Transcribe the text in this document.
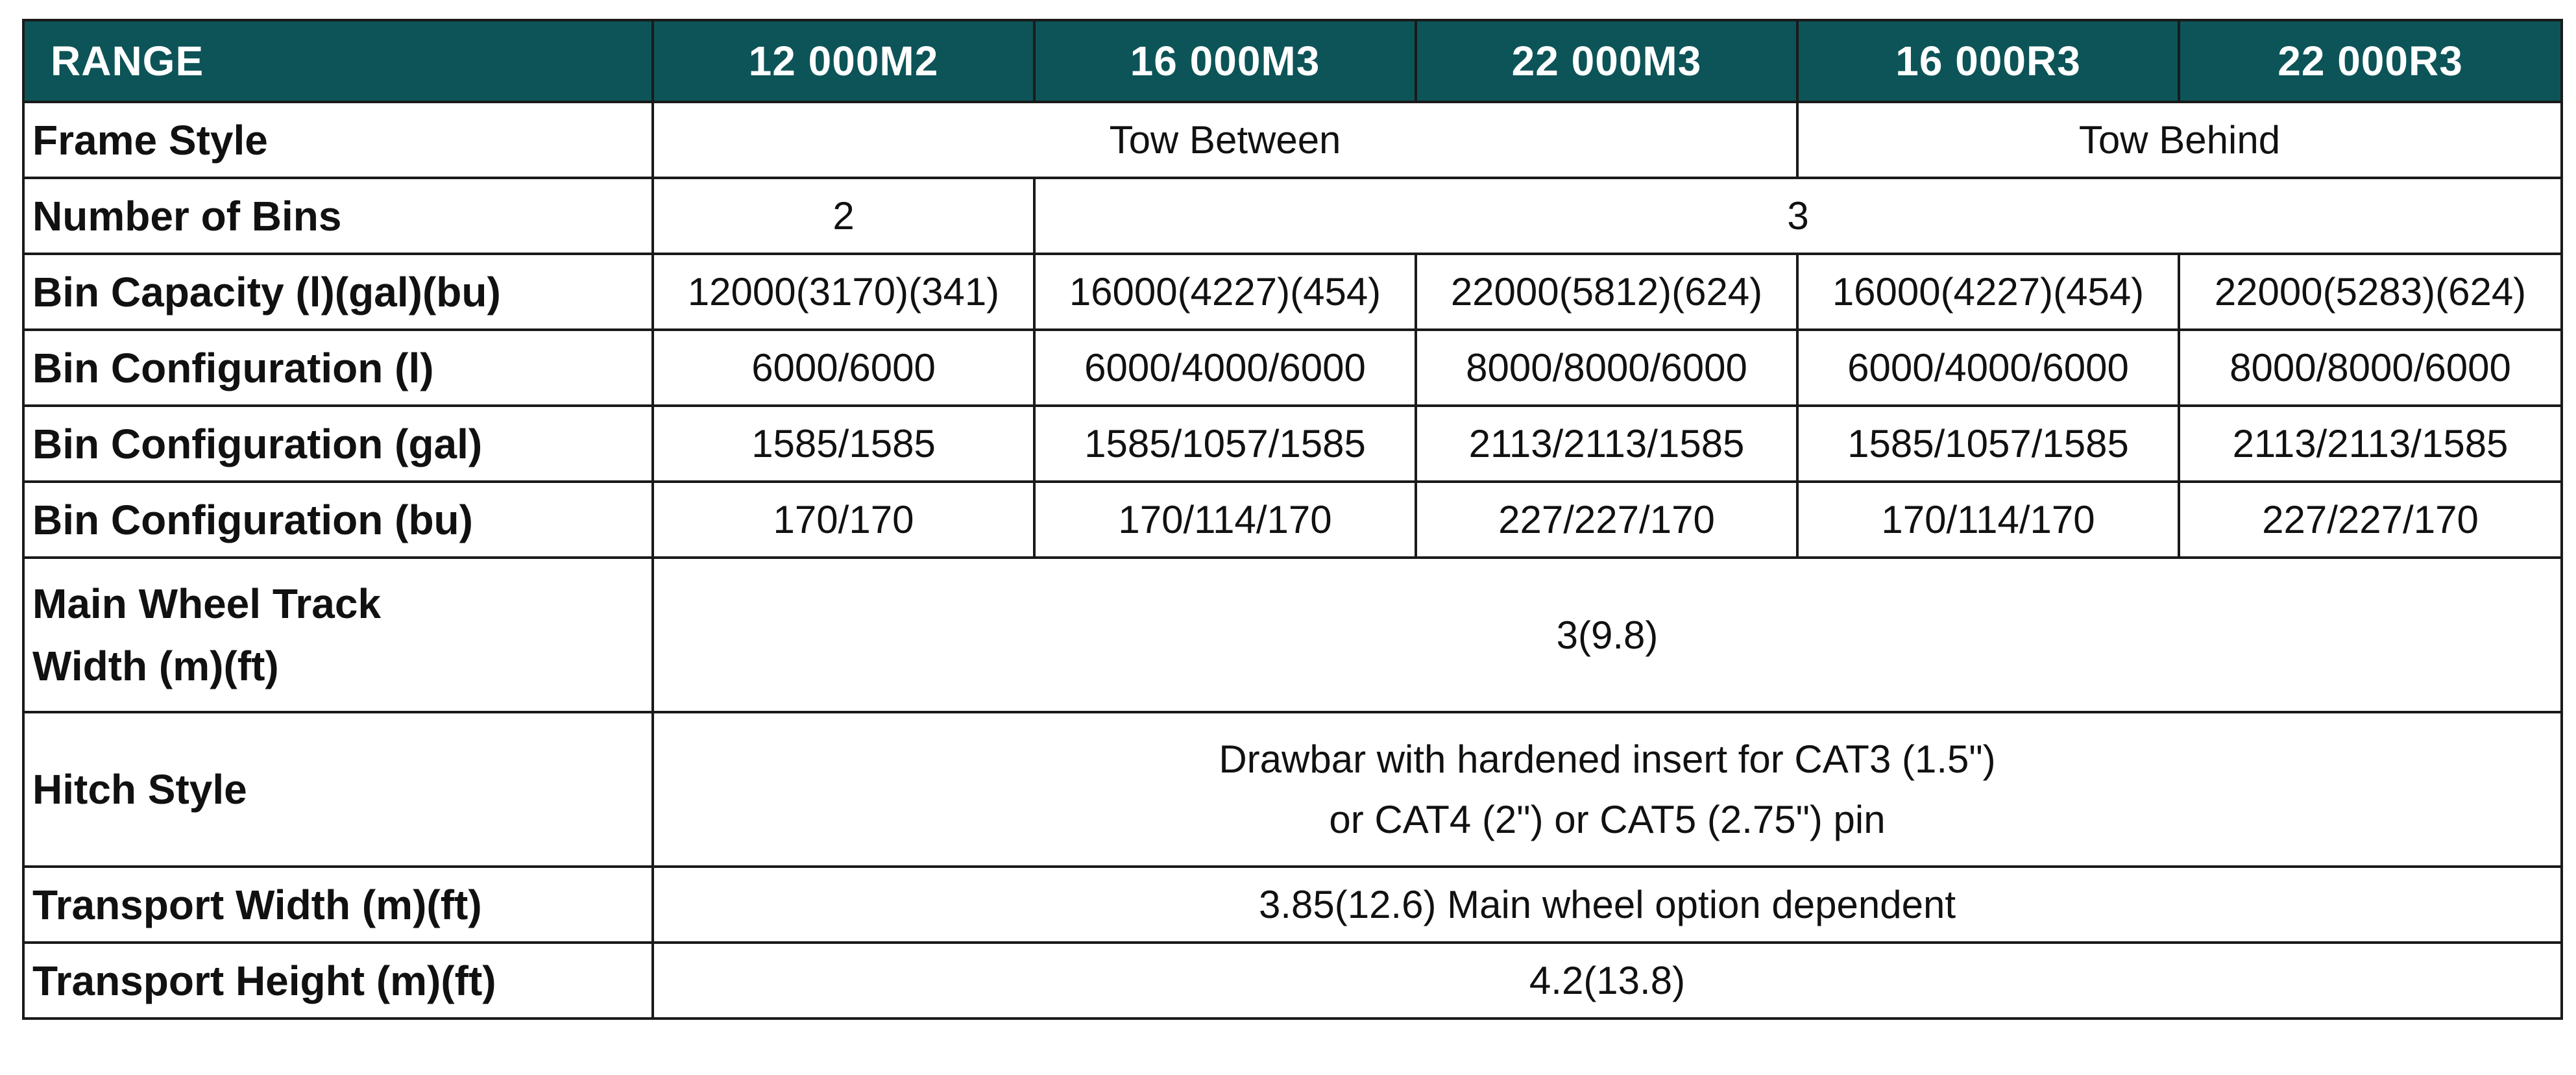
RANGE	12 000M2	16 000M3	22 000M3	16 000R3	22 000R3
Frame Style	Tow Between			Tow Behind	
Number of Bins	2	3			
Bin Capacity (l)(gal)(bu)	12000(3170)(341)	16000(4227)(454)	22000(5812)(624)	16000(4227)(454)	22000(5283)(624)
Bin Configuration (l)	6000/6000	6000/4000/6000	8000/8000/6000	6000/4000/6000	8000/8000/6000
Bin Configuration (gal)	1585/1585	1585/1057/1585	2113/2113/1585	1585/1057/1585	2113/2113/1585
Bin Configuration (bu)	170/170	170/114/170	227/227/170	170/114/170	227/227/170

Main Wheel Track
Width (m)(ft)	3(9.8)				
Hitch Style	Drawbar with hardened insert for CAT3 (1.5")
or CAT4 (2") or CAT5 (2.75") pin				

Transport Width (m)(ft)	3.85(12.6) Main wheel option dependent				
Transport Height (m)(ft)	4.2(13.8)				
